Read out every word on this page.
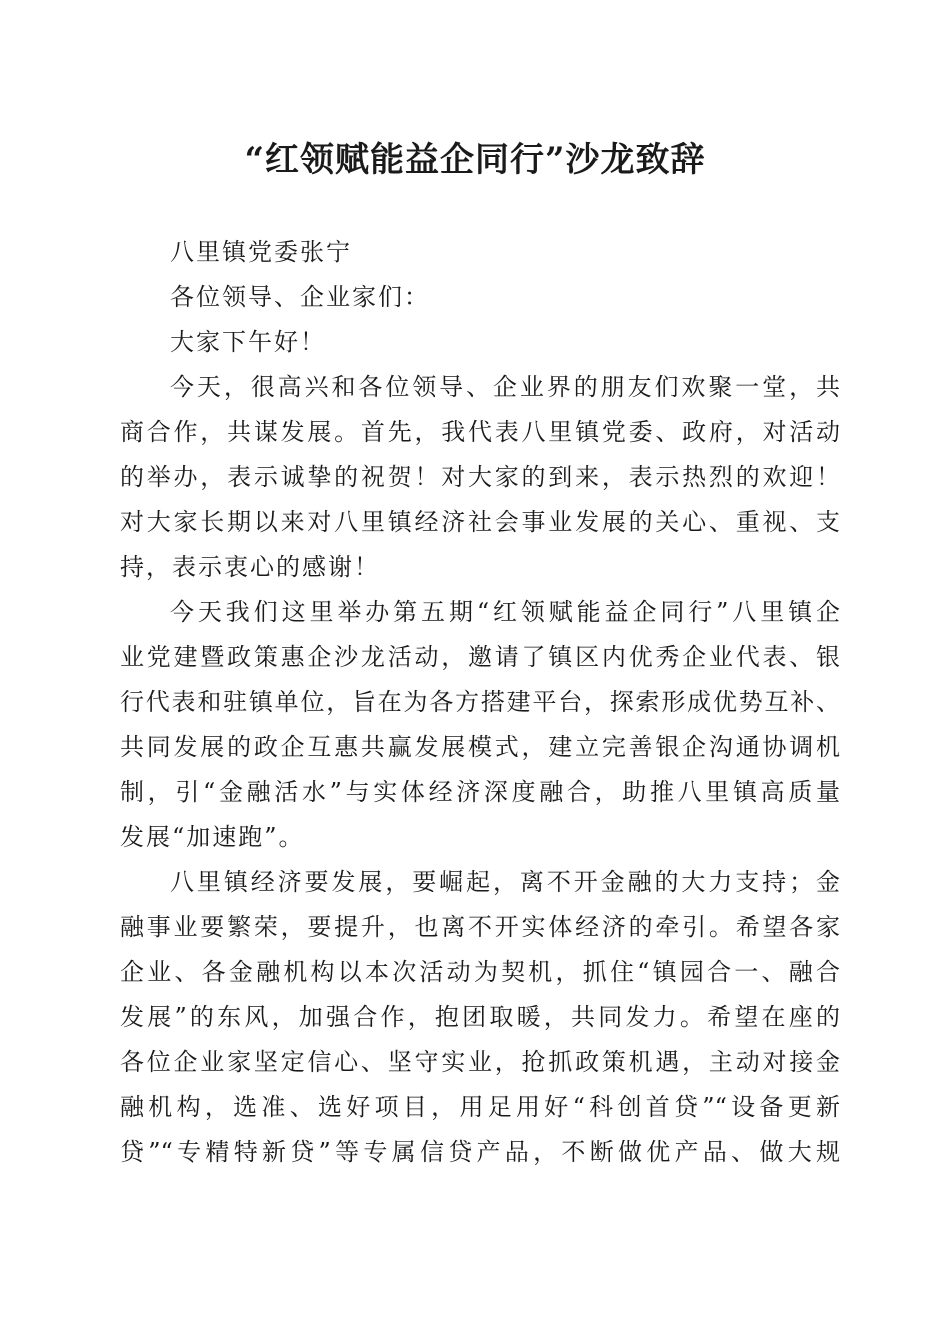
“红领赋能益企同行”沙龙致辞

八里镇党委张宁

各位领导、企业家们：

大家下午好！

今天，很高兴和各位领导、企业界的朋友们欢聚一堂，共

商合作，共谋发展。首先，我代表八里镇党委、政府，对活动

的举办，表示诚挚的祝贺！对大家的到来，表示热烈的欢迎！

对大家长期以来对八里镇经济社会事业发展的关心、重视、支

持，表示衷心的感谢！

今天我们这里举办第五期“红领赋能益企同行”八里镇企

业党建暨政策惠企沙龙活动，邀请了镇区内优秀企业代表、银

行代表和驻镇单位，旨在为各方搭建平台，探索形成优势互补、

共同发展的政企互惠共赢发展模式，建立完善银企沟通协调机

制，引“金融活水”与实体经济深度融合，助推八里镇高质量

发展“加速跑”。

八里镇经济要发展，要崛起，离不开金融的大力支持；金

融事业要繁荣，要提升，也离不开实体经济的牵引。希望各家

企业、各金融机构以本次活动为契机，抓住“镇园合一、融合

发展”的东风，加强合作，抱团取暖，共同发力。希望在座的

各位企业家坚定信心、坚守实业，抢抓政策机遇，主动对接金

融机构，选准、选好项目，用足用好“科创首贷”“设备更新

贷”“专精特新贷”等专属信贷产品，不断做优产品、做大规
